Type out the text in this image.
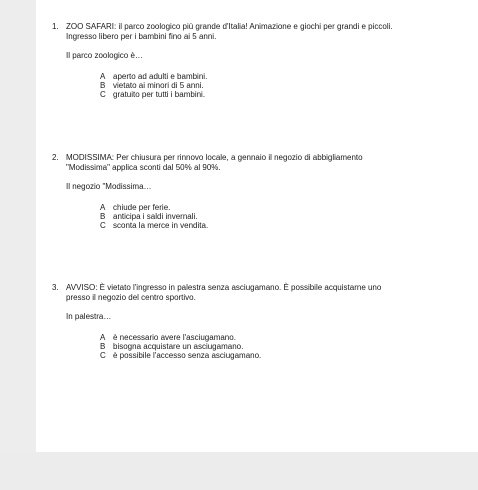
1. ZOO SAFARI: il parco zoologico più grande d'Italia! Animazione e giochi per grandi e piccoli. Ingresso libero per i bambini fino ai 5 anni.
Il parco zoologico è…
A aperto ad adulti e bambini.
B vietato ai minori di 5 anni.
C gratuito per tutti i bambini.
2. MODISSIMA: Per chiusura per rinnovo locale, a gennaio il negozio di abbigliamento "Modissima" applica sconti dal 50% al 90%.
Il negozio "Modissima…
A chiude per ferie.
B anticipa i saldi invernali.
C sconta la merce in vendita.
3. AVVISO: È vietato l'ingresso in palestra senza asciugamano. È possibile acquistarne uno presso il negozio del centro sportivo.
In palestra…
A è necessario avere l'asciugamano.
B bisogna acquistare un asciugamano.
C è possibile l'accesso senza asciugamano.
